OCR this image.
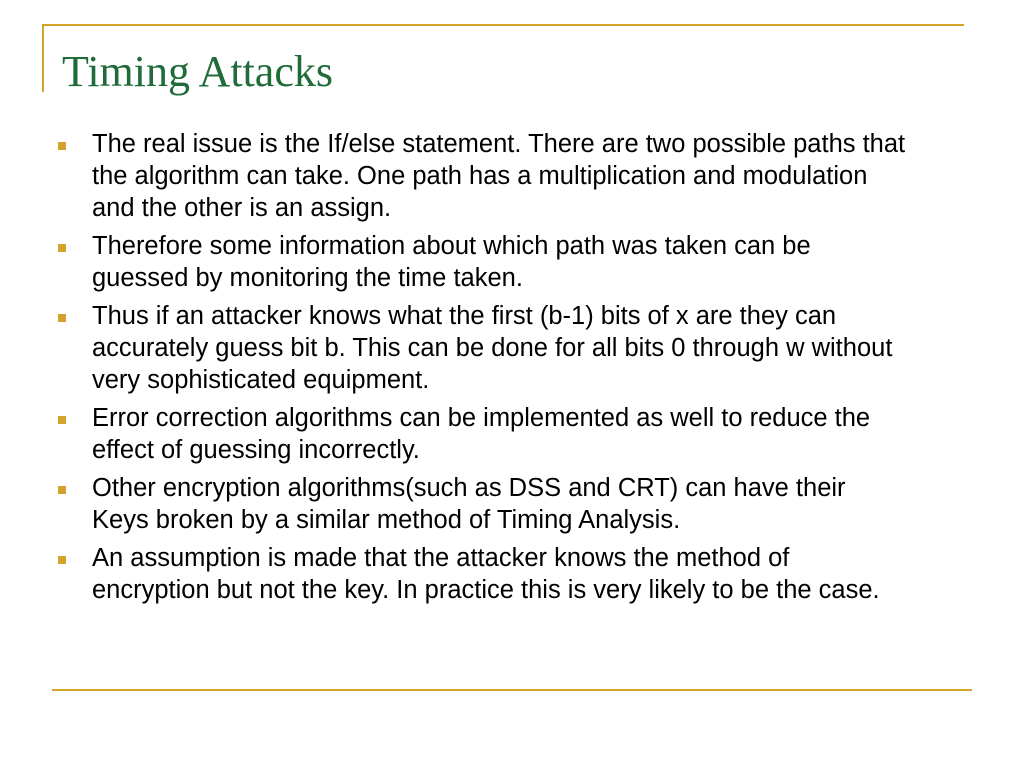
Timing Attacks
The real issue is the If/else statement. There are two possible paths that the algorithm can take. One path has a multiplication and modulation and the other is an assign.
Therefore some information about which path was taken can be guessed by monitoring the time taken.
Thus if an attacker knows what the first (b-1) bits of x are they can accurately guess bit b. This can be done for all bits 0 through w without very sophisticated equipment.
Error correction algorithms can be implemented as well to reduce the effect of guessing incorrectly.
Other encryption algorithms(such as DSS and CRT) can have their Keys broken by a similar method of Timing Analysis.
An assumption is made that the attacker knows the method of encryption but not the key. In practice this is very likely to be the case.
